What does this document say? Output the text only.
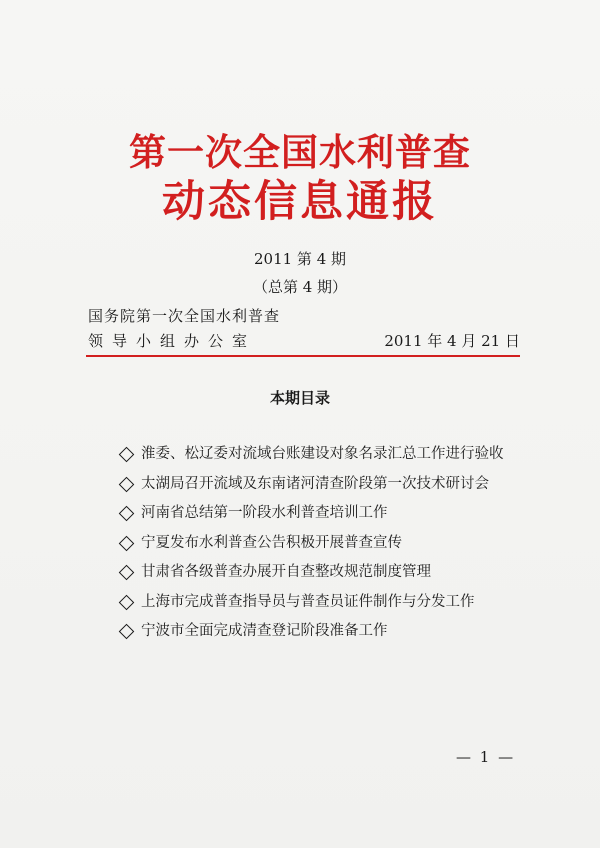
第一次全国水利普查
动态信息通报
2011 第 4 期
（总第 4 期）
国务院第一次全国水利普查
领导小组办公室	2011 年 4 月 21 日
本期目录
淮委、松辽委对流域台账建设对象名录汇总工作进行验收
太湖局召开流域及东南诸河清查阶段第一次技术研讨会
河南省总结第一阶段水利普查培训工作
宁夏发布水利普查公告积极开展普查宣传
甘肃省各级普查办展开自查整改规范制度管理
上海市完成普查指导员与普查员证件制作与分发工作
宁波市全面完成清查登记阶段准备工作
— 1 —
